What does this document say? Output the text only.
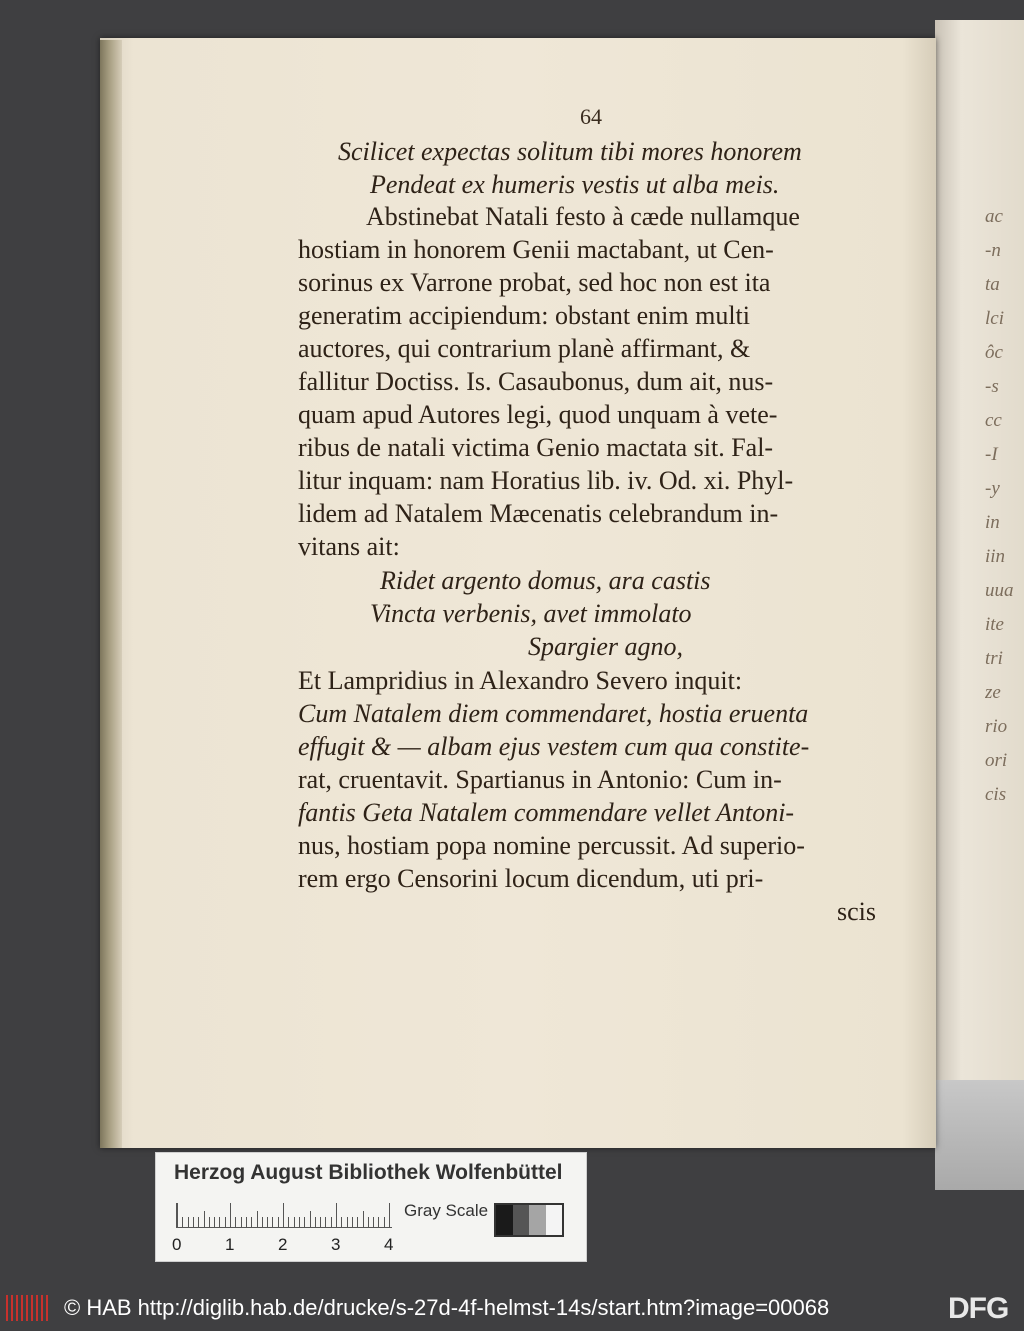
ac
-n
ta
lci
ôc
-s
cc
-I
-y
in
iin
uua
ite
tri
ze
rio
ori
cis
64
Scilicet expectas solitum tibi mores honorem
Pendeat ex humeris vestis ut alba meis.
Abstinebat Natali festo à cæde nullamque
hostiam in honorem Genii mactabant, ut Cen-
sorinus ex Varrone probat, sed hoc non est ita
generatim accipiendum: obstant enim multi
auctores, qui contrarium planè affirmant, &
fallitur Doctiss. Is. Casaubonus, dum ait, nus-
quam apud Autores legi, quod unquam à vete-
ribus de natali victima Genio mactata sit. Fal-
litur inquam: nam Horatius lib. iv. Od. xi. Phyl-
lidem ad Natalem Mæcenatis celebrandum in-
vitans ait:
Ridet argento domus, ara castis
Vincta verbenis, avet immolato
Spargier agno,
Et Lampridius in Alexandro Severo inquit:
Cum Natalem diem commendaret, hostia eruenta
effugit & — albam ejus vestem cum qua constite-
rat, cruentavit. Spartianus in Antonio: Cum in-
fantis Geta Natalem commendare vellet Antoni-
nus, hostiam popa nomine percussit. Ad superio-
rem ergo Censorini locum dicendum, uti pri-
scis
Herzog August Bibliothek Wolfenbüttel
0	1	2	3	4
Gray Scale
© HAB http://diglib.hab.de/drucke/s-27d-4f-helmst-14s/start.htm?image=00068	DFG
